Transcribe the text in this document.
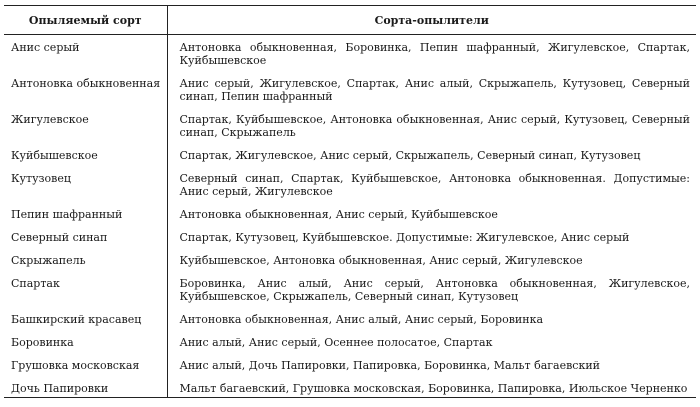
Опыляемый сорт	Сорта-опылители
Анис серый	Антоновка обыкновенная, Боровинка, Пепин шафранный, Жигулевское, Спартак, Куйбышевское
Антоновка обыкновенная	Анис серый, Жигулевское, Спартак, Анис алый, Скрыжапель, Кутузовец, Северный синап, Пепин шафранный
Жигулевское	Спартак, Куйбышевское, Антоновка обыкновенная, Анис серый, Кутузовец, Северный синап, Скрыжапель
Куйбышевское	Спартак, Жигулевское, Анис серый, Скрыжапель, Северный синап, Кутузовец
Кутузовец	Северный синап, Спартак, Куйбышевское, Антоновка обыкновенная. Допустимые: Анис серый, Жигулевское
Пепин шафранный	Антоновка обыкновенная, Анис серый, Куйбышевское
Северный синап	Спартак, Кутузовец, Куйбышевское. Допустимые: Жигулевское, Анис серый
Скрыжапель	Куйбышевское, Антоновка обыкновенная, Анис серый, Жигулевское
Спартак	Боровинка, Анис алый, Анис серый, Антоновка обыкновенная, Жигулевское, Куйбышевское, Скрыжапель, Северный синап, Кутузовец
Башкирский красавец	Антоновка обыкновенная, Анис алый, Анис серый, Боровинка
Боровинка	Анис алый, Анис серый, Осеннее полосатое, Спартак
Грушовка московская	Анис алый, Дочь Папировки, Папировка, Боровинка, Мальт багаевский
Дочь Папировки	Мальт багаевский, Грушовка московская, Боровинка, Папировка, Июльское Черненко
